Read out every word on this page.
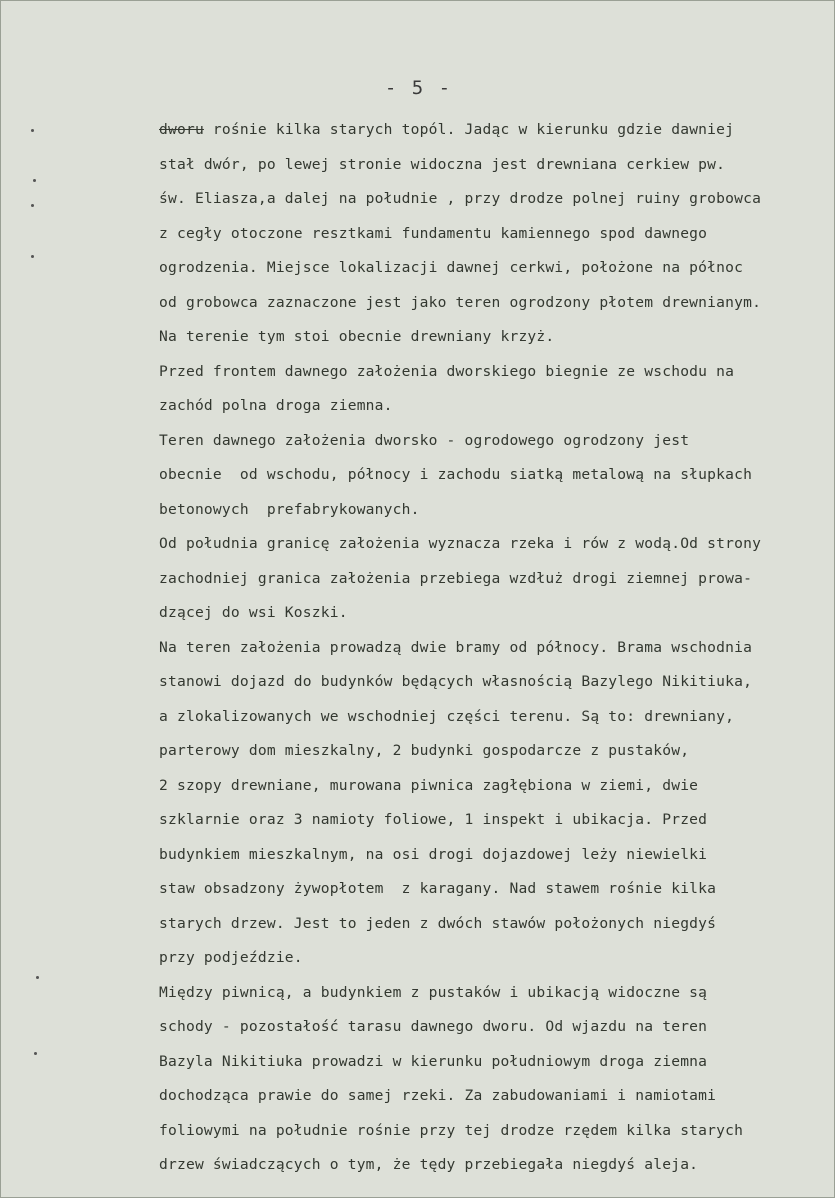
- 5 -
dworu rośnie kilka starych topól. Jadąc w kierunku gdzie dawniej
stał dwór, po lewej stronie widoczna jest drewniana cerkiew pw.
św. Eliasza,a dalej na południe , przy drodze polnej ruiny grobowca
z cegły otoczone resztkami fundamentu kamiennego spod dawnego
ogrodzenia. Miejsce lokalizacji dawnej cerkwi, położone na północ
od grobowca zaznaczone jest jako teren ogrodzony płotem drewnianym.
Na terenie tym stoi obecnie drewniany krzyż.
Przed frontem dawnego założenia dworskiego biegnie ze wschodu na
zachód polna droga ziemna.
Teren dawnego założenia dworsko - ogrodowego ogrodzony jest
obecnie  od wschodu, północy i zachodu siatką metalową na słupkach
betonowych  prefabrykowanych.
Od południa granicę założenia wyznacza rzeka i rów z wodą.Od strony
zachodniej granica założenia przebiega wzdłuż drogi ziemnej prowa-
dzącej do wsi Koszki.
Na teren założenia prowadzą dwie bramy od północy. Brama wschodnia
stanowi dojazd do budynków będących własnością Bazylego Nikitiuka,
a zlokalizowanych we wschodniej części terenu. Są to: drewniany,
parterowy dom mieszkalny, 2 budynki gospodarcze z pustaków,
2 szopy drewniane, murowana piwnica zagłębiona w ziemi, dwie
szklarnie oraz 3 namioty foliowe, 1 inspekt i ubikacja. Przed
budynkiem mieszkalnym, na osi drogi dojazdowej leży niewielki
staw obsadzony żywopłotem  z karagany. Nad stawem rośnie kilka
starych drzew. Jest to jeden z dwóch stawów położonych niegdyś
przy podjeździe.
Między piwnicą, a budynkiem z pustaków i ubikacją widoczne są
schody - pozostałość tarasu dawnego dworu. Od wjazdu na teren
Bazyla Nikitiuka prowadzi w kierunku południowym droga ziemna
dochodząca prawie do samej rzeki. Za zabudowaniami i namiotami
foliowymi na południe rośnie przy tej drodze rzędem kilka starych
drzew świadczących o tym, że tędy przebiegała niegdyś aleja.
